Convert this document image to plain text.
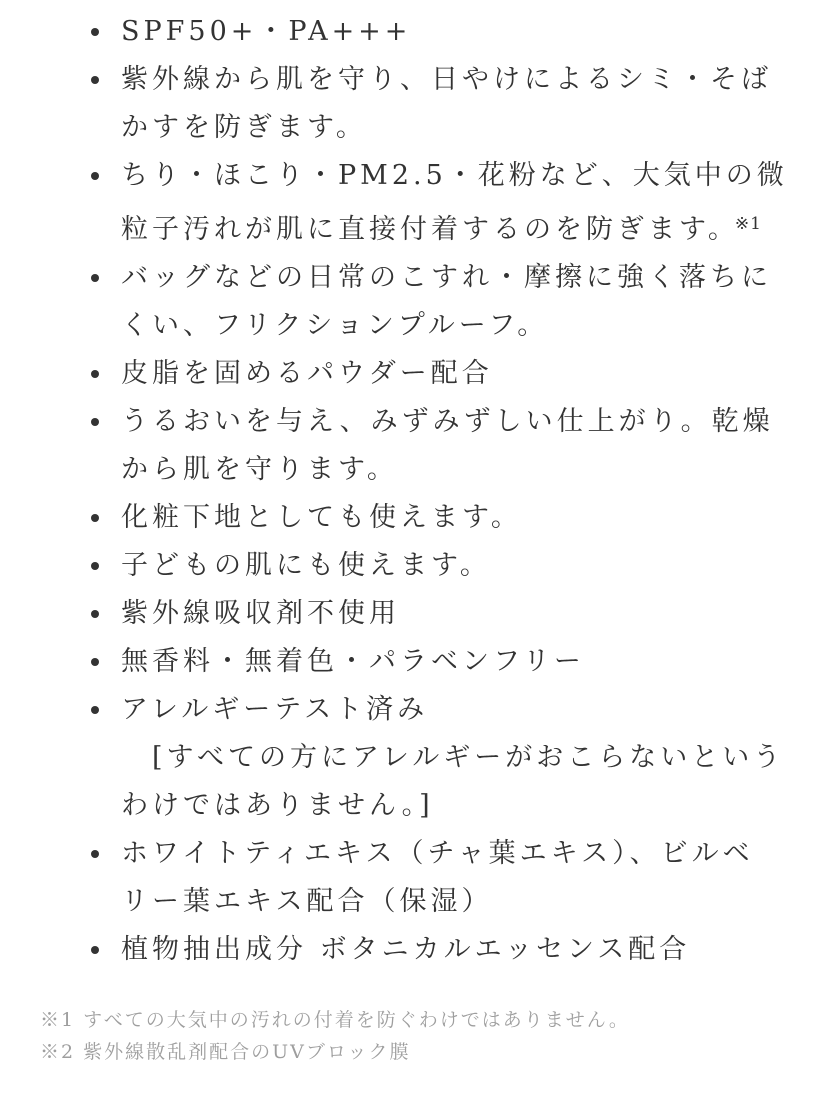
SPF50+・PA+++
紫外線から肌を守り、日やけによるシミ・そば
かすを防ぎます。
ちり・ほこり・PM2.5・花粉など、大気中の微
粒子汚れが肌に直接付着するのを防ぎます。$^{※1}$
バッグなどの日常のこすれ・摩擦に強く落ちに
くい、フリクションプルーフ。
皮脂を固めるパウダー配合
うるおいを与え、みずみずしい仕上がり。乾燥
から肌を守ります。
化粧下地としても使えます。
子どもの肌にも使えます。
紫外線吸収剤不使用
無香料・無着色・パラベンフリー
アレルギーテスト済み
　[すべての方にアレルギーがおこらないという
わけではありません。]
ホワイトティエキス（チャ葉エキス）、ビルベ
リー葉エキス配合（保湿）
植物抽出成分 ボタニカルエッセンス配合
※1 すべての大気中の汚れの付着を防ぐわけではありません。
※2 紫外線散乱剤配合のUVブロック膜
